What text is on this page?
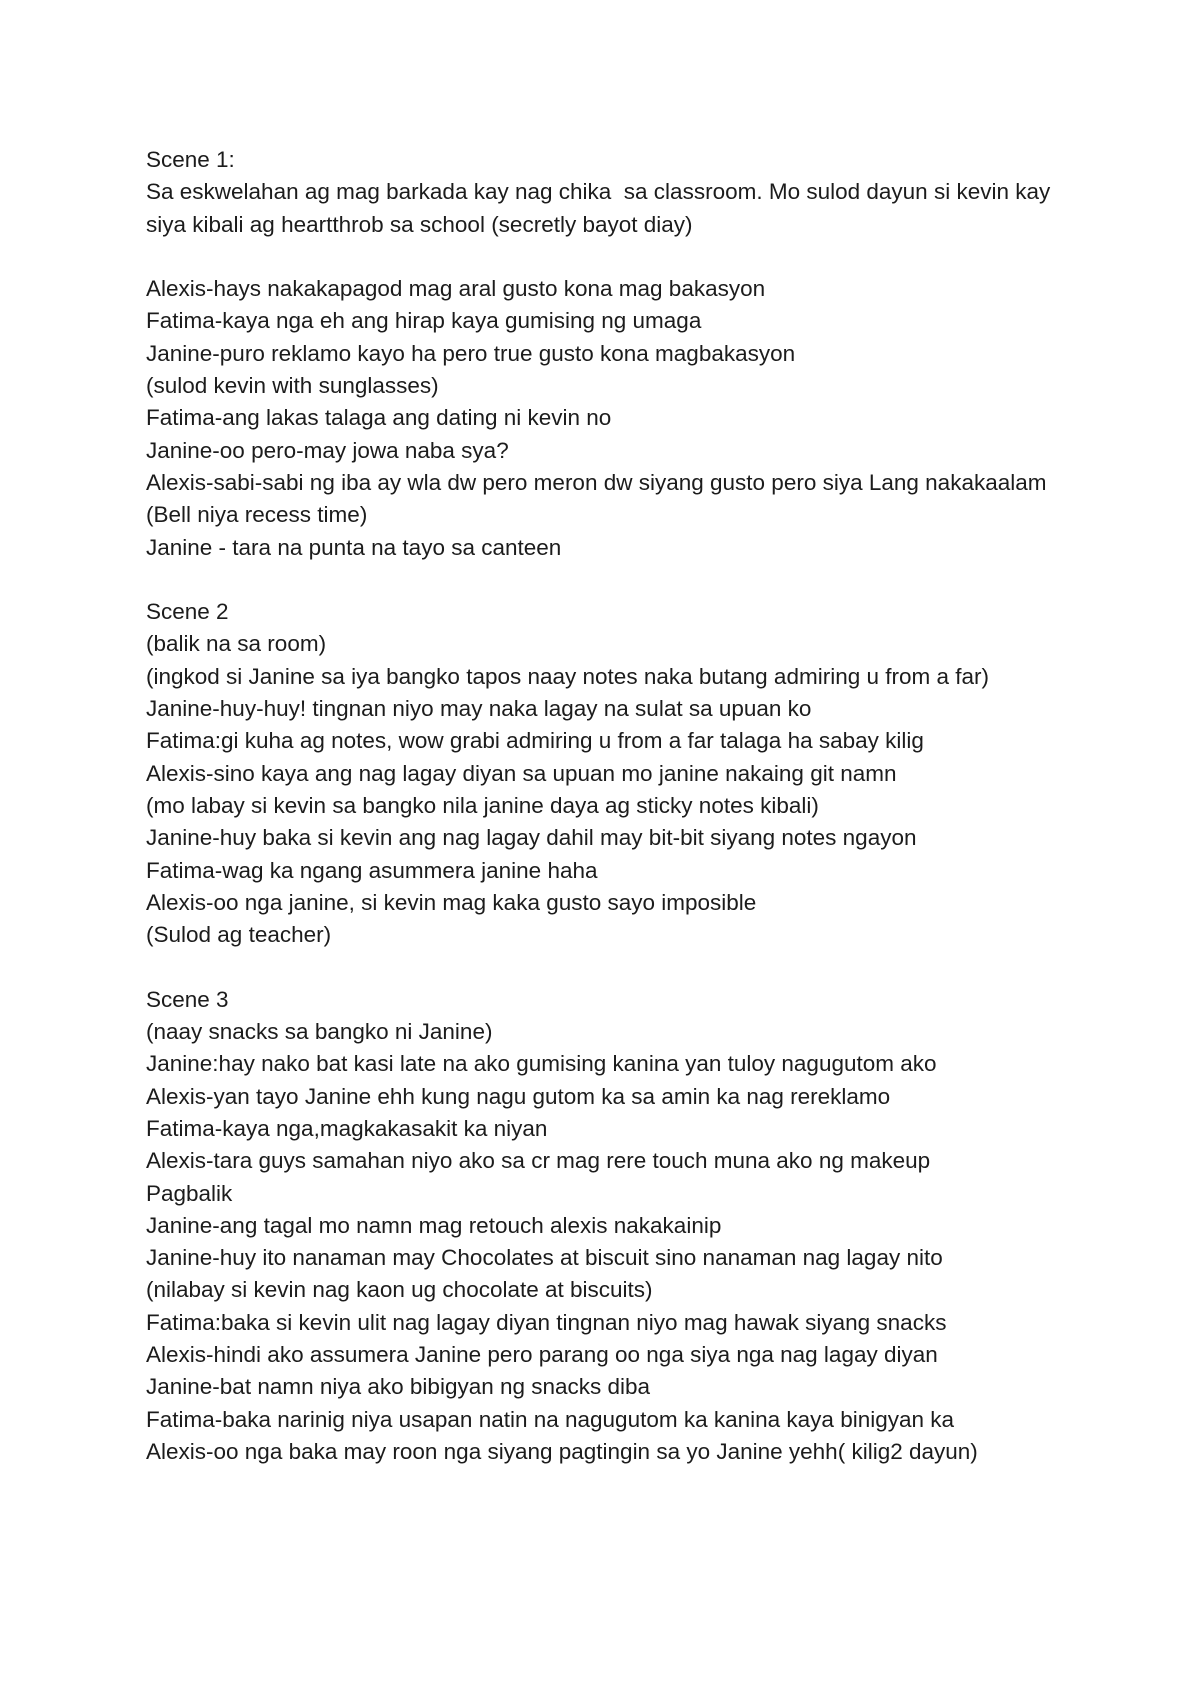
Scene 1:
Sa eskwelahan ag mag barkada kay nag chika  sa classroom. Mo sulod dayun si kevin kay siya kibali ag heartthrob sa school (secretly bayot diay)
Alexis-hays nakakapagod mag aral gusto kona mag bakasyon
Fatima-kaya nga eh ang hirap kaya gumising ng umaga
Janine-puro reklamo kayo ha pero true gusto kona magbakasyon
(sulod kevin with sunglasses)
Fatima-ang lakas talaga ang dating ni kevin no
Janine-oo pero-may jowa naba sya?
Alexis-sabi-sabi ng iba ay wla dw pero meron dw siyang gusto pero siya Lang nakakaalam
(Bell niya recess time)
Janine - tara na punta na tayo sa canteen
Scene 2
(balik na sa room)
(ingkod si Janine sa iya bangko tapos naay notes naka butang admiring u from a far)
Janine-huy-huy! tingnan niyo may naka lagay na sulat sa upuan ko
Fatima:gi kuha ag notes, wow grabi admiring u from a far talaga ha sabay kilig
Alexis-sino kaya ang nag lagay diyan sa upuan mo janine nakaing git namn
(mo labay si kevin sa bangko nila janine daya ag sticky notes kibali)
Janine-huy baka si kevin ang nag lagay dahil may bit-bit siyang notes ngayon
Fatima-wag ka ngang asummera janine haha
Alexis-oo nga janine, si kevin mag kaka gusto sayo imposible
(Sulod ag teacher)
Scene 3
(naay snacks sa bangko ni Janine)
Janine:hay nako bat kasi late na ako gumising kanina yan tuloy nagugutom ako
Alexis-yan tayo Janine ehh kung nagu gutom ka sa amin ka nag rereklamo
Fatima-kaya nga,magkakasakit ka niyan
Alexis-tara guys samahan niyo ako sa cr mag rere touch muna ako ng makeup
Pagbalik
Janine-ang tagal mo namn mag retouch alexis nakakainip
Janine-huy ito nanaman may Chocolates at biscuit sino nanaman nag lagay nito
(nilabay si kevin nag kaon ug chocolate at biscuits)
Fatima:baka si kevin ulit nag lagay diyan tingnan niyo mag hawak siyang snacks
Alexis-hindi ako assumera Janine pero parang oo nga siya nga nag lagay diyan
Janine-bat namn niya ako bibigyan ng snacks diba
Fatima-baka narinig niya usapan natin na nagugutom ka kanina kaya binigyan ka
Alexis-oo nga baka may roon nga siyang pagtingin sa yo Janine yehh( kilig2 dayun)
